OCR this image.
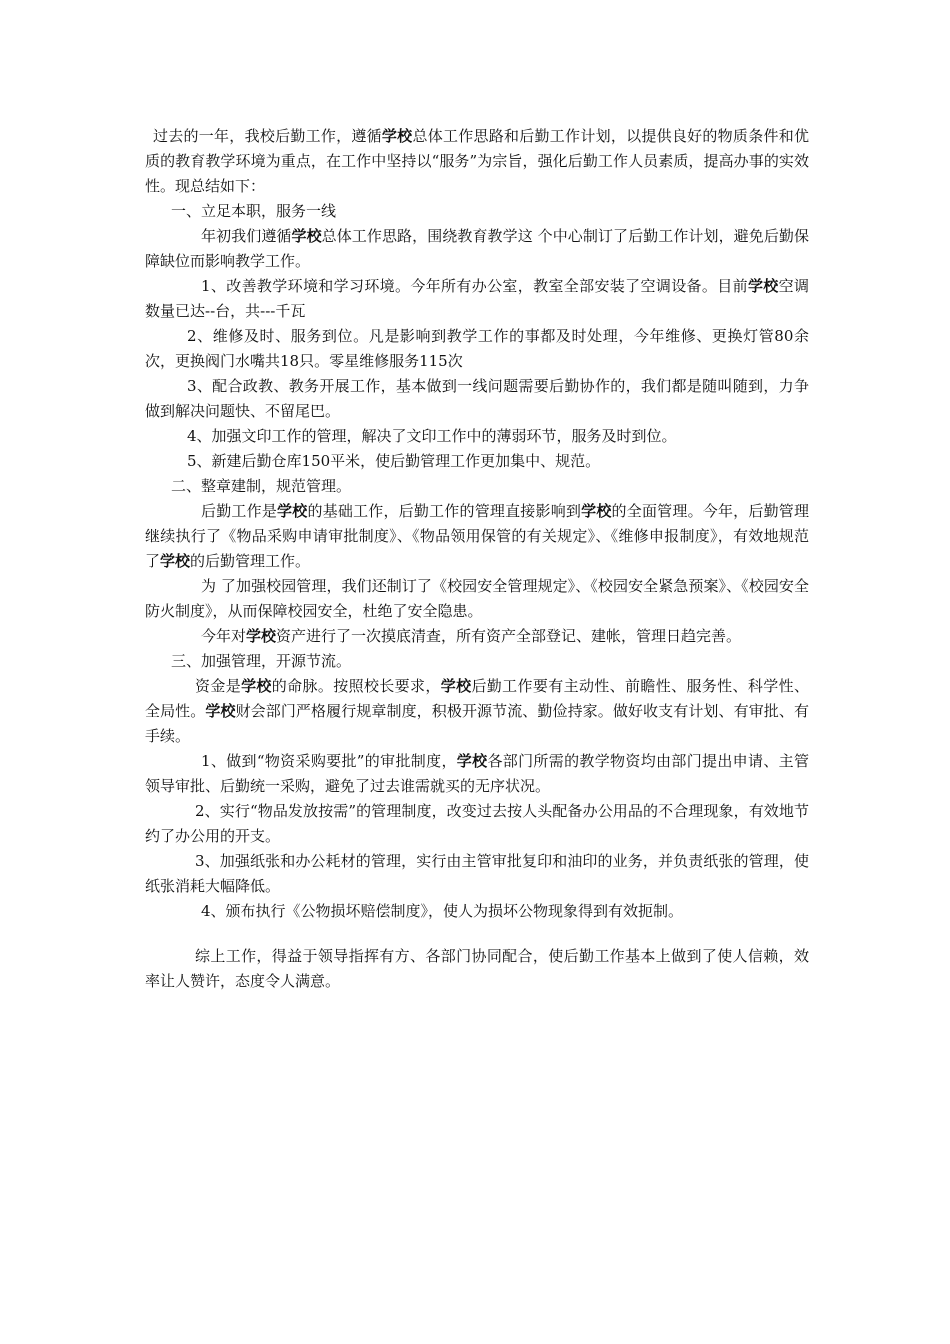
过去的一年，我校后勤工作，遵循学校总体工作思路和后勤工作计划，以提供良好的物质条件和优质的教育教学环境为重点，在工作中坚持以“服务”为宗旨，强化后勤工作人员素质，提高办事的实效性。现总结如下：

一、立足本职，服务一线

年初我们遵循学校总体工作思路，围绕教育教学这 个中心制订了后勤工作计划，避免后勤保障缺位而影响教学工作。

1、改善教学环境和学习环境。今年所有办公室，教室全部安装了空调设备。目前学校空调数量已达--台，共---千瓦

2、维修及时、服务到位。凡是影响到教学工作的事都及时处理，今年维修、更换灯管80余次，更换阀门水嘴共18只。零星维修服务115次

3、配合政教、教务开展工作，基本做到一线问题需要后勤协作的，我们都是随叫随到，力争做到解决问题快、不留尾巴。

4、加强文印工作的管理，解决了文印工作中的薄弱环节，服务及时到位。

5、新建后勤仓库150平米，使后勤管理工作更加集中、规范。

二、整章建制，规范管理。

后勤工作是学校的基础工作，后勤工作的管理直接影响到学校的全面管理。今年，后勤管理继续执行了《物品采购申请审批制度》、《物品领用保管的有关规定》、《维修申报制度》，有效地规范了学校的后勤管理工作。

为 了加强校园管理，我们还制订了《校园安全管理规定》、《校园安全紧急预案》、《校园安全防火制度》，从而保障校园安全，杜绝了安全隐患。

今年对学校资产进行了一次摸底清查，所有资产全部登记、建帐，管理日趋完善。

三、加强管理，开源节流。

资金是学校的命脉。按照校长要求，学校后勤工作要有主动性、前瞻性、服务性、科学性、全局性。学校财会部门严格履行规章制度，积极开源节流、勤俭持家。做好收支有计划、有审批、有手续。

1、做到“物资采购要批”的审批制度，学校各部门所需的教学物资均由部门提出申请、主管领导审批、后勤统一采购，避免了过去谁需就买的无序状况。

2、实行“物品发放按需”的管理制度，改变过去按人头配备办公用品的不合理现象，有效地节约了办公用的开支。

3、加强纸张和办公耗材的管理，实行由主管审批复印和油印的业务，并负责纸张的管理，使纸张消耗大幅降低。

4、颁布执行《公物损坏赔偿制度》，使人为损坏公物现象得到有效扼制。

综上工作，得益于领导指挥有方、各部门协同配合，使后勤工作基本上做到了使人信赖，效率让人赞许，态度令人满意。
